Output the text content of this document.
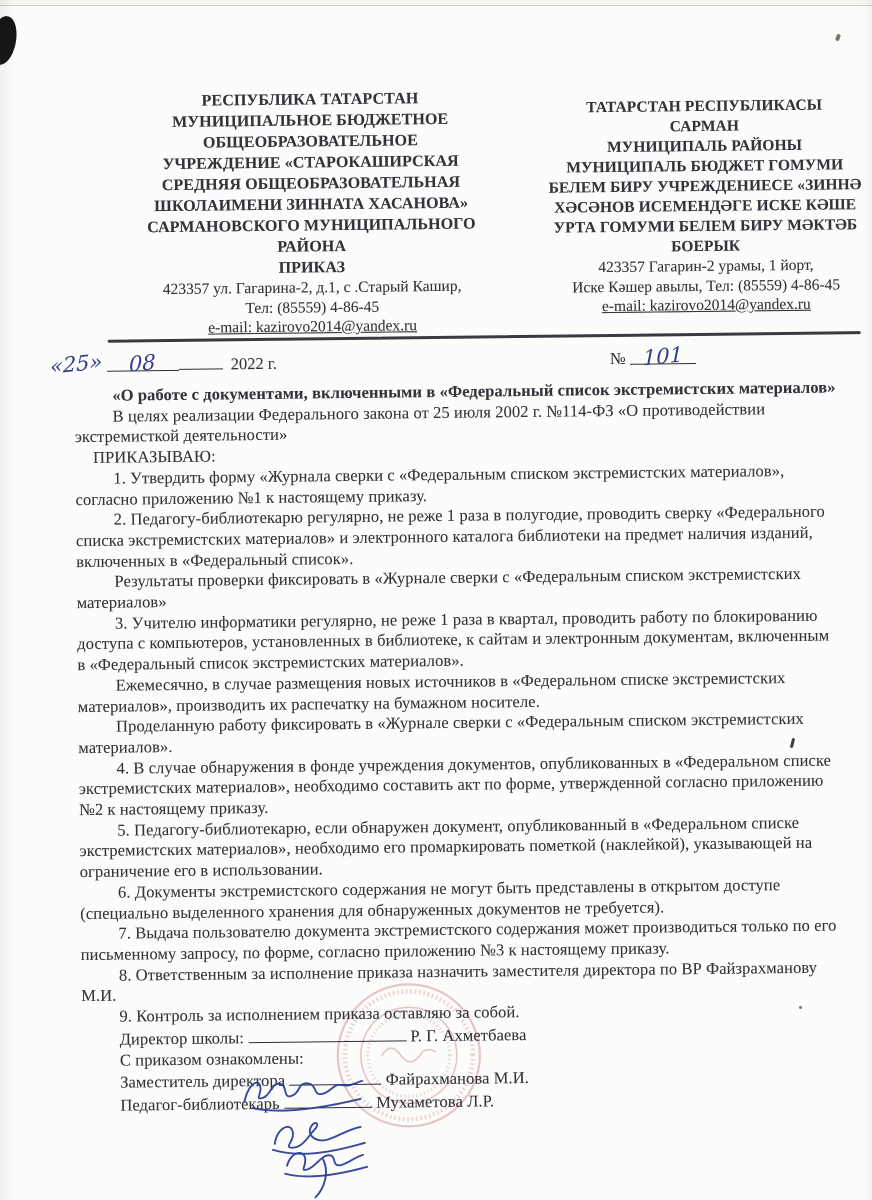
РЕСПУБЛИКА ТАТАРСТАН
МУНИЦИПАЛЬНОЕ БЮДЖЕТНОЕ
ОБЩЕОБРАЗОВАТЕЛЬНОЕ
УЧРЕЖДЕНИЕ «СТАРОКАШИРСКАЯ
СРЕДНЯЯ ОБЩЕОБРАЗОВАТЕЛЬНАЯ
ШКОЛАИМЕНИ ЗИННАТА ХАСАНОВА»
САРМАНОВСКОГО МУНИЦИПАЛЬНОГО
РАЙОНА
ПРИКАЗ
423357 ул. Гагарина-2, д.1, с .Старый Кашир,
Тел: (85559) 4-86-45
e-mail: kazirovo2014@yandex.ru
ТАТАРСТАН РЕСПУБЛИКАСЫ
САРМАН
МУНИЦИПАЛЬ РАЙОНЫ
МУНИЦИПАЛЬ БЮДЖЕТ ГОМУМИ
БЕЛЕМ БИРУ УЧРЕЖДЕНИЕСЕ «ЗИННӘ
ХӘСӘНОВ ИСЕМЕНДӘГЕ ИСКЕ КӘШЕ
УРТА ГОМУМИ БЕЛЕМ БИРУ МӘКТӘБ
БОЕРЫК
423357 Гагарин-2 урамы, 1 йорт,
Иске Кәшер авылы, Тел: (85559) 4-86-45
e-mail: kazirovo2014@yandex.ru
«25» 08	2022 г.	№ 101

«О работе с документами, включенными в «Федеральный список экстремистских материалов»

В целях реализации Федерального закона от 25 июля 2002 г. №114-ФЗ «О противодействии экстремисткой деятельности»

ПРИКАЗЫВАЮ:

1. Утвердить форму «Журнала сверки с «Федеральным списком экстремистских материалов», согласно приложению №1 к настоящему приказу.

2. Педагогу-библиотекарю регулярно, не реже 1 раза в полугодие, проводить сверку «Федерального списка экстремистских материалов» и электронного каталога библиотеки на предмет наличия изданий, включенных в «Федеральный список».

Результаты проверки фиксировать в «Журнале сверки с «Федеральным списком экстремистских материалов»

3. Учителю информатики регулярно, не реже 1 раза в квартал, проводить работу по блокированию доступа с компьютеров, установленных в библиотеке, к сайтам и электронным документам, включенным в «Федеральный список экстремистских материалов».

Ежемесячно, в случае размещения новых источников в «Федеральном списке экстремистских материалов», производить их распечатку на бумажном носителе.

Проделанную работу фиксировать в «Журнале сверки с «Федеральным списком экстремистских материалов».

4. В случае обнаружения в фонде учреждения документов, опубликованных в «Федеральном списке экстремистских материалов», необходимо составить акт по форме, утвержденной согласно приложению №2 к настоящему приказу.

5. Педагогу-библиотекарю, если обнаружен документ, опубликованный в «Федеральном списке экстремистских материалов», необходимо его промаркировать пометкой (наклейкой), указывающей на ограничение его в использовании.

6. Документы экстремистского содержания не могут быть представлены в открытом доступе (специально выделенного хранения для обнаруженных документов не требуется).

7. Выдача пользователю документа экстремистского содержания может производиться только по его письменному запросу, по форме, согласно приложению №3 к настоящему приказу.

8. Ответственным за исполнение приказа назначить заместителя директора по ВР Файзрахманову М.И.

9. Контроль за исполнением приказа оставляю за собой.

Директор школы:	Р. Г. Ахметбаева

С приказом ознакомлены:

Заместитель директора	Файрахманова М.И.

Педагог-библиотекарь	Мухаметова Л.Р.
